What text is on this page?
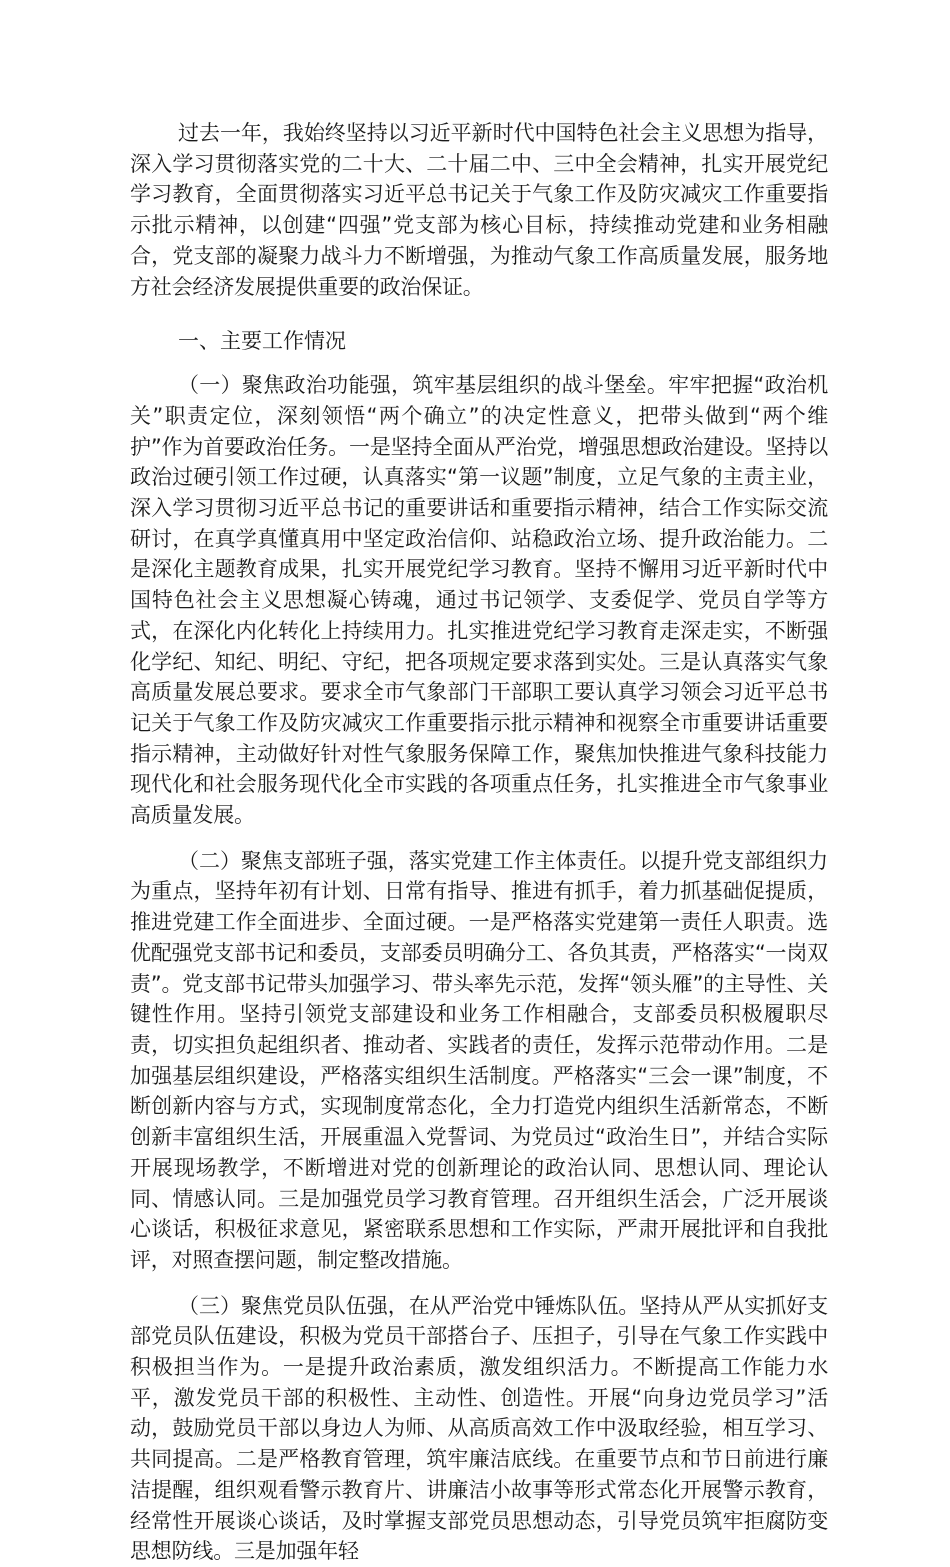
过去一年，我始终坚持以习近平新时代中国特色社会主义思想为指导，深入学习贯彻落实党的二十大、二十届二中、三中全会精神，扎实开展党纪学习教育，全面贯彻落实习近平总书记关于气象工作及防灾减灾工作重要指示批示精神，以创建“四强”党支部为核心目标，持续推动党建和业务相融合，党支部的凝聚力战斗力不断增强，为推动气象工作高质量发展，服务地方社会经济发展提供重要的政治保证。

一、主要工作情况

（一）聚焦政治功能强，筑牢基层组织的战斗堡垒。牢牢把握“政治机关”职责定位，深刻领悟“两个确立”的决定性意义，把带头做到“两个维护”作为首要政治任务。一是坚持全面从严治党，增强思想政治建设。坚持以政治过硬引领工作过硬，认真落实“第一议题”制度，立足气象的主责主业，深入学习贯彻习近平总书记的重要讲话和重要指示精神，结合工作实际交流研讨，在真学真懂真用中坚定政治信仰、站稳政治立场、提升政治能力。二是深化主题教育成果，扎实开展党纪学习教育。坚持不懈用习近平新时代中国特色社会主义思想凝心铸魂，通过书记领学、支委促学、党员自学等方式，在深化内化转化上持续用力。扎实推进党纪学习教育走深走实，不断强化学纪、知纪、明纪、守纪，把各项规定要求落到实处。三是认真落实气象高质量发展总要求。要求全市气象部门干部职工要认真学习领会习近平总书记关于气象工作及防灾减灾工作重要指示批示精神和视察全市重要讲话重要指示精神，主动做好针对性气象服务保障工作，聚焦加快推进气象科技能力现代化和社会服务现代化全市实践的各项重点任务，扎实推进全市气象事业高质量发展。

（二）聚焦支部班子强，落实党建工作主体责任。以提升党支部组织力为重点，坚持年初有计划、日常有指导、推进有抓手，着力抓基础促提质，推进党建工作全面进步、全面过硬。一是严格落实党建第一责任人职责。选优配强党支部书记和委员，支部委员明确分工、各负其责，严格落实“一岗双责”。党支部书记带头加强学习、带头率先示范，发挥“领头雁”的主导性、关键性作用。坚持引领党支部建设和业务工作相融合，支部委员积极履职尽责，切实担负起组织者、推动者、实践者的责任，发挥示范带动作用。二是加强基层组织建设，严格落实组织生活制度。严格落实“三会一课”制度，不断创新内容与方式，实现制度常态化，全力打造党内组织生活新常态，不断创新丰富组织生活，开展重温入党誓词、为党员过“政治生日”，并结合实际开展现场教学，不断增进对党的创新理论的政治认同、思想认同、理论认同、情感认同。三是加强党员学习教育管理。召开组织生活会，广泛开展谈心谈话，积极征求意见，紧密联系思想和工作实际，严肃开展批评和自我批评，对照查摆问题，制定整改措施。

（三）聚焦党员队伍强，在从严治党中锤炼队伍。坚持从严从实抓好支部党员队伍建设，积极为党员干部搭台子、压担子，引导在气象工作实践中积极担当作为。一是提升政治素质，激发组织活力。不断提高工作能力水平，激发党员干部的积极性、主动性、创造性。开展“向身边党员学习”活动，鼓励党员干部以身边人为师、从高质高效工作中汲取经验，相互学习、共同提高。二是严格教育管理，筑牢廉洁底线。在重要节点和节日前进行廉洁提醒，组织观看警示教育片、讲廉洁小故事等形式常态化开展警示教育，经常性开展谈心谈话，及时掌握支部党员思想动态，引导党员筑牢拒腐防变思想防线。三是加强年轻
